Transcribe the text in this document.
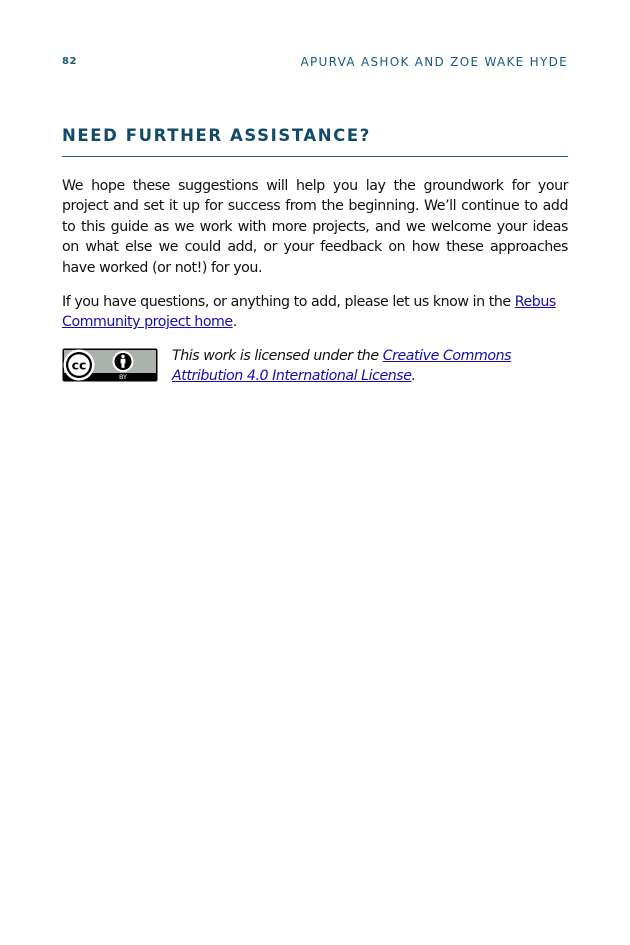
82	APURVA ASHOK AND ZOE WAKE HYDE
NEED FURTHER ASSISTANCE?

We hope these suggestions will help you lay the groundwork for your project and set it up for success from the beginning. We’ll continue to add to this guide as we work with more projects, and we welcome your ideas on what else we could add, or your feedback on how these approaches have worked (or not!) for you.

If you have questions, or anything to add, please let us know in the Rebus Community project home.

cc
BY

This work is licensed under the Creative Commons Attribution 4.0 International License.
